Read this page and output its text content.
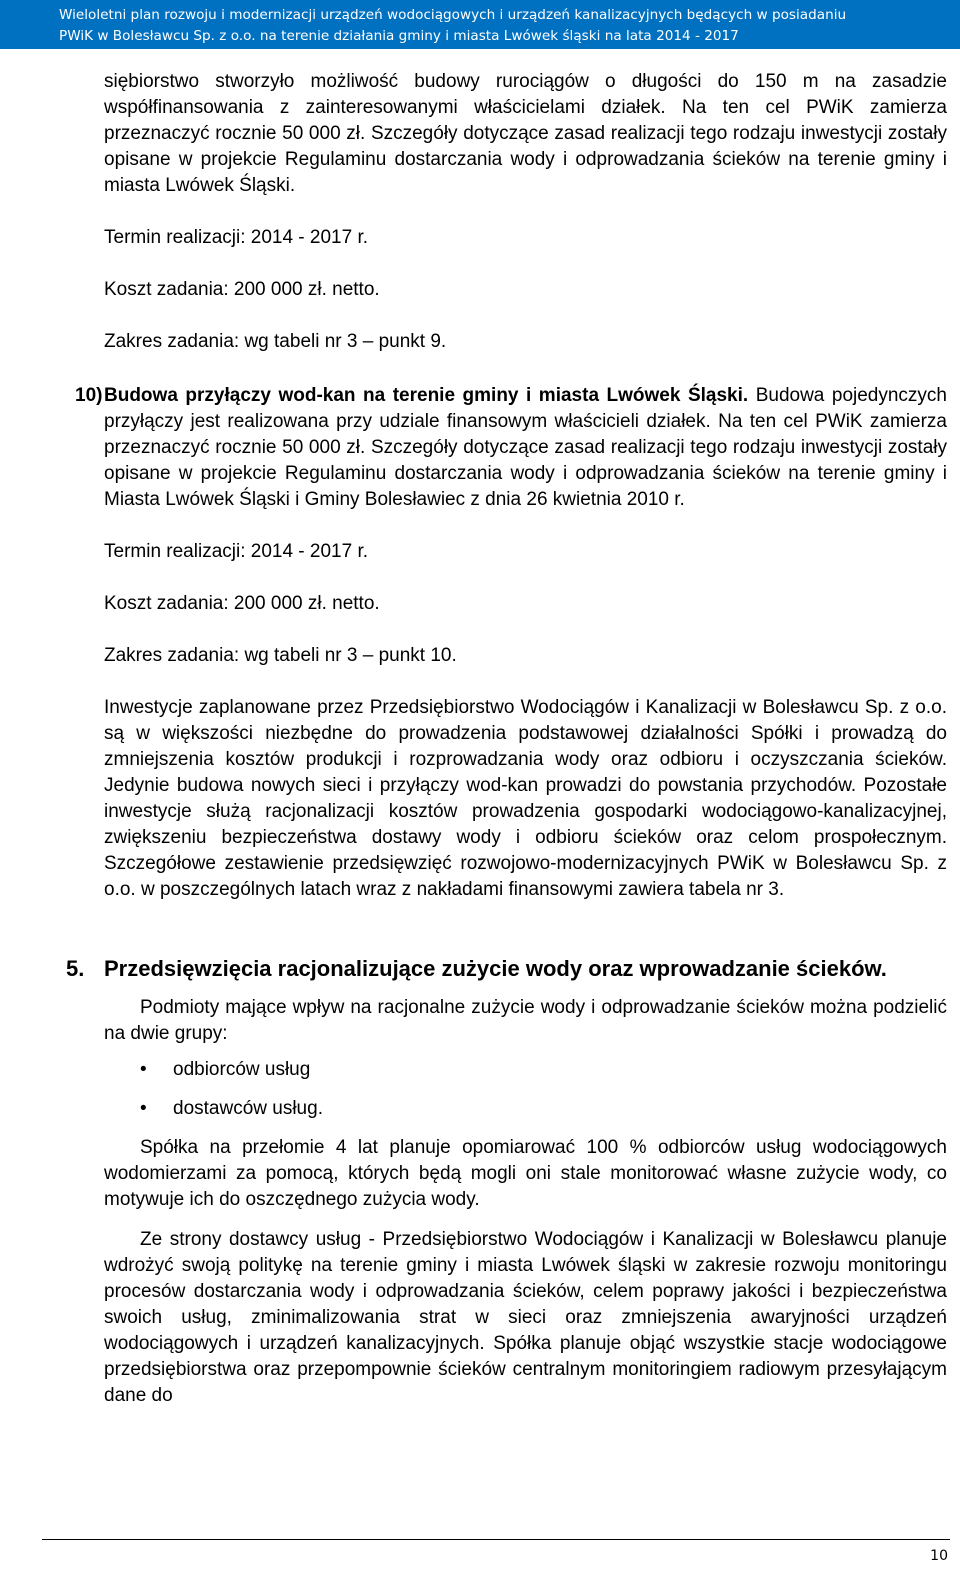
Wieloletni plan rozwoju i modernizacji urządzeń wodociągowych i urządzeń kanalizacyjnych będących w posiadaniu
PWiK w Bolesławcu Sp. z o.o. na terenie działania gminy i miasta Lwówek śląski na lata 2014 - 2017

siębiorstwo stworzyło możliwość budowy rurociągów o długości do 150 m na zasadzie współfinansowania z zainteresowanymi właścicielami działek. Na ten cel PWiK zamierza przeznaczyć rocznie 50 000 zł. Szczegóły dotyczące zasad realizacji tego rodzaju inwestycji zostały opisane w projekcie Regulaminu dostarczania wody i odprowadzania ścieków na terenie gminy i miasta Lwówek Śląski.

Termin realizacji: 2014 - 2017 r.

Koszt zadania: 200 000 zł. netto.

Zakres zadania: wg tabeli nr 3 – punkt 9.

10) Budowa przyłączy wod-kan na terenie gminy i miasta Lwówek Śląski. Budowa pojedynczych przyłączy jest realizowana przy udziale finansowym właścicieli działek. Na ten cel PWiK zamierza przeznaczyć rocznie 50 000 zł. Szczegóły dotyczące zasad realizacji tego rodzaju inwestycji zostały opisane w projekcie Regulaminu dostarczania wody i odprowadzania ścieków na terenie gminy i Miasta Lwówek Śląski i Gminy Bolesławiec z dnia 26 kwietnia 2010 r.

Termin realizacji: 2014 - 2017 r.

Koszt zadania: 200 000 zł. netto.

Zakres zadania: wg tabeli nr 3 – punkt 10.

Inwestycje zaplanowane przez Przedsiębiorstwo Wodociągów i Kanalizacji w Bolesławcu Sp. z o.o. są w większości niezbędne do prowadzenia podstawowej działalności Spółki i prowadzą do zmniejszenia kosztów produkcji i rozprowadzania wody oraz odbioru i oczyszczania ścieków. Jedynie budowa nowych sieci i przyłączy wod-kan prowadzi do powstania przychodów. Pozostałe inwestycje służą racjonalizacji kosztów prowadzenia gospodarki wodociągowo-kanalizacyjnej, zwiększeniu bezpieczeństwa dostawy wody i odbioru ścieków oraz celom prospołecznym. Szczegółowe zestawienie przedsięwzięć rozwojowo-modernizacyjnych PWiK w Bolesławcu Sp. z o.o. w poszczególnych latach wraz z nakładami finansowymi zawiera tabela nr 3.

5. Przedsięwzięcia racjonalizujące zużycie wody oraz wprowadzanie ścieków.

Podmioty mające wpływ na racjonalne zużycie wody i odprowadzanie ścieków można podzielić na dwie grupy:

• odbiorców usług
• dostawców usług.

Spółka na przełomie 4 lat planuje opomiarować 100 % odbiorców usług wodociągowych wodomierzami za pomocą, których będą mogli oni stale monitorować własne zużycie wody, co motywuje ich do oszczędnego zużycia wody.

Ze strony dostawcy usług - Przedsiębiorstwo Wodociągów i Kanalizacji w Bolesławcu planuje wdrożyć swoją politykę na terenie gminy i miasta Lwówek śląski w zakresie rozwoju monitoringu procesów dostarczania wody i odprowadzania ścieków, celem poprawy jakości i bezpieczeństwa swoich usług, zminimalizowania strat w sieci oraz zmniejszenia awaryjności urządzeń wodociągowych i urządzeń kanalizacyjnych. Spółka planuje objąć wszystkie stacje wodociągowe przedsiębiorstwa oraz przepompownie ścieków centralnym monitoringiem radiowym przesyłającym dane do

10
